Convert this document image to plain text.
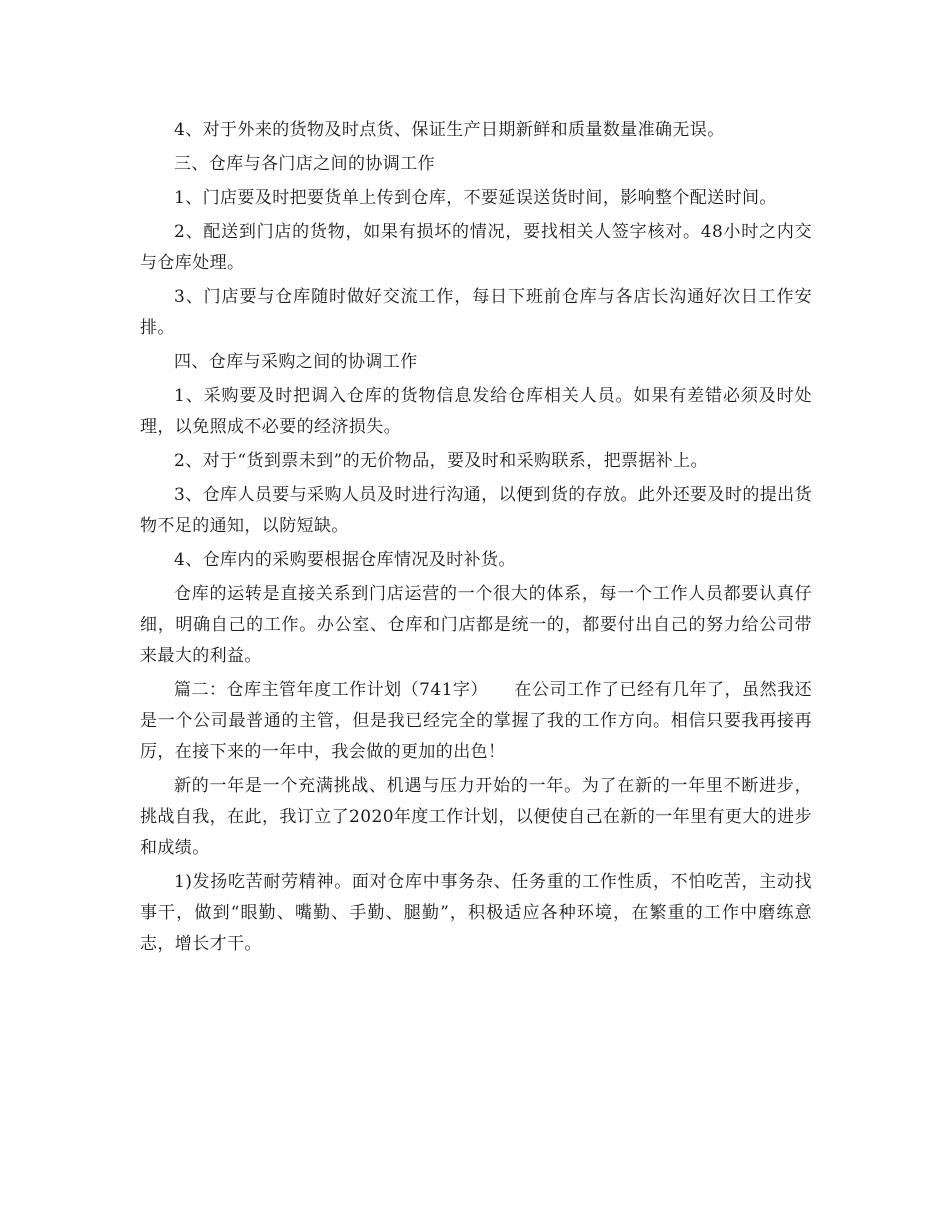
4、对于外来的货物及时点货、保证生产日期新鲜和质量数量准确无误。

三、仓库与各门店之间的协调工作

1、门店要及时把要货单上传到仓库，不要延误送货时间，影响整个配送时间。

2、配送到门店的货物，如果有损坏的情况，要找相关人签字核对。48小时之内交与仓库处理。

3、门店要与仓库随时做好交流工作，每日下班前仓库与各店长沟通好次日工作安排。

四、仓库与采购之间的协调工作

1、采购要及时把调入仓库的货物信息发给仓库相关人员。如果有差错必须及时处理，以免照成不必要的经济损失。

2、对于“货到票未到”的无价物品，要及时和采购联系，把票据补上。

3、仓库人员要与采购人员及时进行沟通，以便到货的存放。此外还要及时的提出货物不足的通知，以防短缺。

4、仓库内的采购要根据仓库情况及时补货。

仓库的运转是直接关系到门店运营的一个很大的体系，每一个工作人员都要认真仔细，明确自己的工作。办公室、仓库和门店都是统一的，都要付出自己的努力给公司带来最大的利益。

篇二：仓库主管年度工作计划（741字）　　在公司工作了已经有几年了，虽然我还是一个公司最普通的主管，但是我已经完全的掌握了我的工作方向。相信只要我再接再厉，在接下来的一年中，我会做的更加的出色！

新的一年是一个充满挑战、机遇与压力开始的一年。为了在新的一年里不断进步，挑战自我，在此，我订立了2020年度工作计划，以便使自己在新的一年里有更大的进步和成绩。

1)发扬吃苦耐劳精神。面对仓库中事务杂、任务重的工作性质，不怕吃苦，主动找事干，做到“眼勤、嘴勤、手勤、腿勤”，积极适应各种环境，在繁重的工作中磨练意志，增长才干。
